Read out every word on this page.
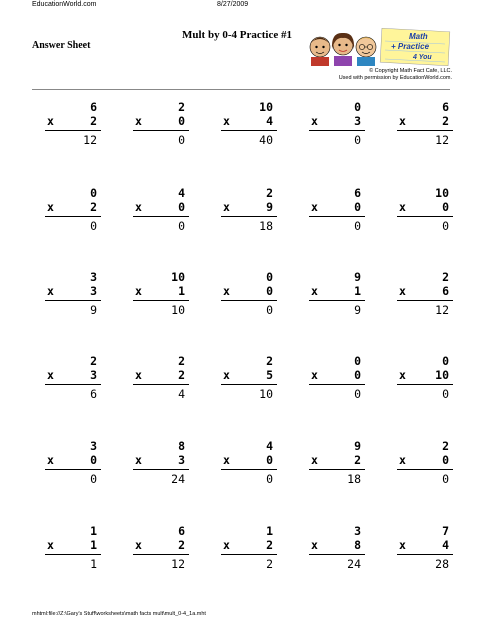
EducationWorld.com	8/27/2009
Mult by 0-4 Practice #1
Answer Sheet
Math
+ Practice
4 You
© Copyright Math Fact Cafe, LLC.
Used with permission by EducationWorld.com.
6
x	2
12
2
x	0
0
10
x	4
40
0
x	3
0
6
x	2
12
0
x	2
0
4
x	0
0
2
x	9
18
6
x	0
0
10
x	0
0
3
x	3
9
10
x	1
10
0
x	0
0
9
x	1
9
2
x	6
12
2
x	3
6
2
x	2
4
2
x	5
10
0
x	0
0
0
x	10
0
3
x	0
0
8
x	3
24
4
x	0
0
9
x	2
18
2
x	0
0
1
x	1
1
6
x	2
12
1
x	2
2
3
x	8
24
7
x	4
28
mhtml:file://Z:\Gary's Stuff\worksheets\math facts mult\mult_0-4_1a.mht
